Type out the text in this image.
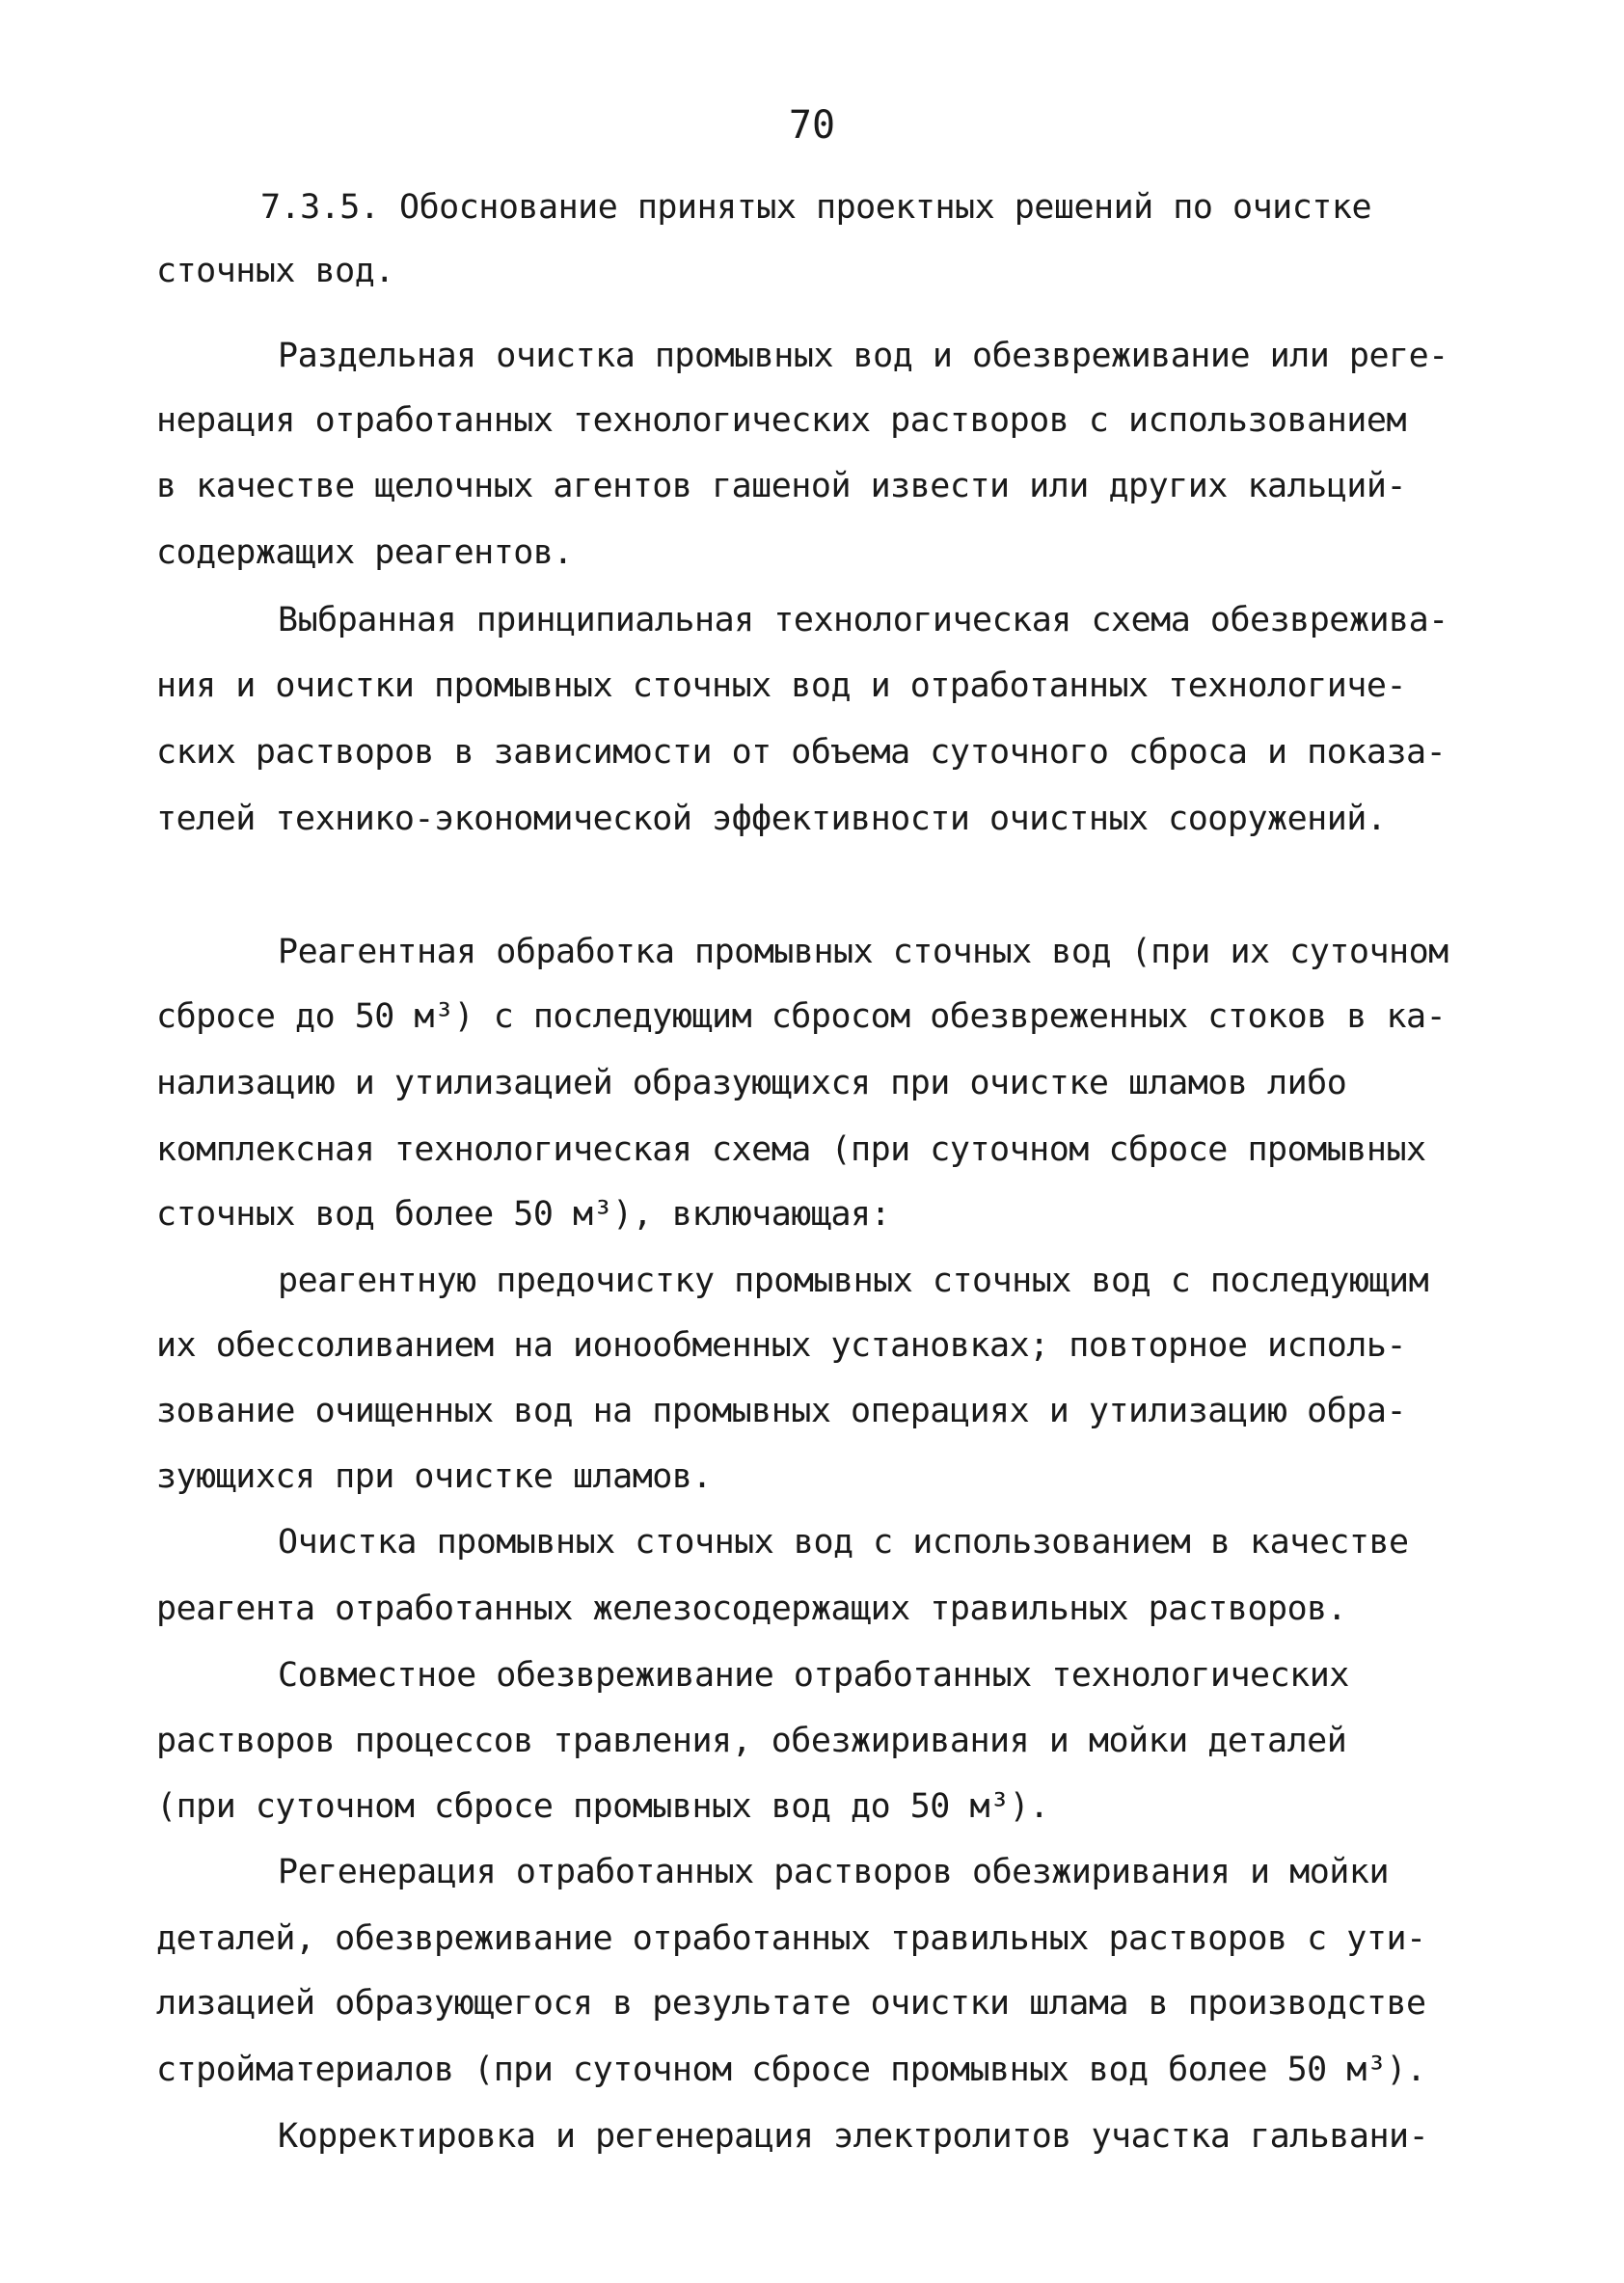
70
7.3.5. Обоснование принятых проектных решений по очистке
сточных вод.
Раздельная очистка промывных вод и обезвреживание или реге-
нерация отработанных технологических растворов с использованием
в качестве щелочных агентов гашеной извести или других кальций-
содержащих реагентов.
Выбранная принципиальная технологическая схема обезврежива-
ния и очистки промывных сточных вод и отработанных технологиче-
ских растворов в зависимости от объема суточного сброса и показа-
телей технико-экономической эффективности очистных сооружений.
Реагентная обработка промывных сточных вод (при их суточном
сбросе до 50 м³) с последующим сбросом обезвреженных стоков в ка-
нализацию и утилизацией образующихся при очистке шламов либо
комплексная технологическая схема (при суточном сбросе промывных
сточных вод более 50 м³), включающая:
реагентную предочистку промывных сточных вод с последующим
их обессоливанием на ионообменных установках; повторное исполь-
зование очищенных вод на промывных операциях и утилизацию обра-
зующихся при очистке шламов.
Очистка промывных сточных вод с использованием в качестве
реагента отработанных железосодержащих травильных растворов.
Совместное обезвреживание отработанных технологических
растворов процессов травления, обезжиривания и мойки деталей
(при суточном сбросе промывных вод до 50 м³).
Регенерация отработанных растворов обезжиривания и мойки
деталей, обезвреживание отработанных травильных растворов с ути-
лизацией образующегося в результате очистки шлама в производстве
стройматериалов (при суточном сбросе промывных вод более 50 м³).
Корректировка и регенерация электролитов участка гальвани-
